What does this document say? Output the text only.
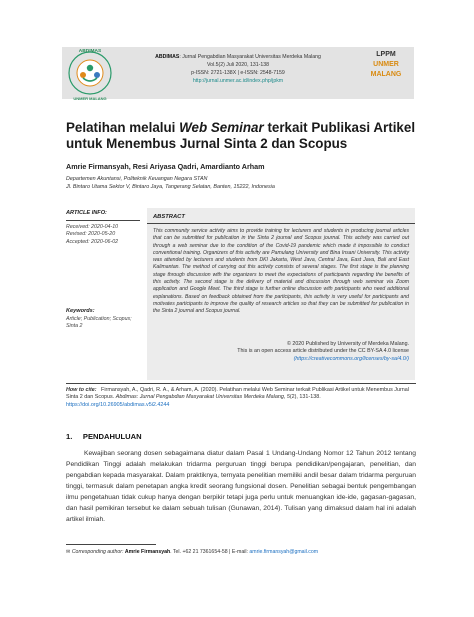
ABDIMAS: Jurnal Pengabdian Masyarakat Universitas Merdeka Malang
Vol.5(2) Juli 2020, 131-138
p-ISSN: 2721-138X | e-ISSN: 2548-7159
http://jurnal.unmer.ac.id/index.php/jpkm
ABDIMAS
UNMER MALANG
LPPM
UNMER
MALANG
Pelatihan melalui Web Seminar terkait Publikasi Artikel untuk Menembus Jurnal Sinta 2 dan Scopus
Amrie Firmansyah, Resi Ariyasa Qadri, Amardianto Arham
Departemen Akuntansi, Politeknik Keuangan Negara STAN
Jl. Bintaro Utama Sektor V, Bintaro Jaya, Tangerang Selatan, Banten, 15222, Indonesia
ARTICLE INFO:
Received: 2020-04-10
Revised: 2020-05-20
Accepted: 2020-06-02
Keywords:
Article; Publication; Scopus; Sinta 2
ABSTRACT
This community service activity aims to provide training for lecturers and students in producing journal articles that can be submitted for publication in the Sinta 2 journal and Scopus journal. This activity was carried out through a web seminar due to the condition of the Covid-19 pandemic which made it impossible to conduct conventional training. Organizers of this activity are Pamulang University and Bina Insani University. This activity was attended by lecturers and students from DKI Jakarta, West Java, Central Java, East Java, Bali and East Kalimantan. The method of carrying out this activity consists of several stages. The first stage is the planning stage through discussion with the organizers to meet the expectations of participants regarding the benefits of this activity. The second stage is the delivery of material and discussion through web seminar via Zoom application and Google Meet. The third stage is further online discussion with participants who need additional explanations. Based on feedback obtained from the participants, this activity is very useful for participants and motivates participants to improve the quality of research articles so that they can be submitted for publication in the Sinta 2 journal and Scopus journal.
© 2020 Published by University of Merdeka Malang.
This is an open access article distributed under the CC BY-SA 4.0 license
(https://creativecommons.org/licenses/by-sa/4.0/)
How to cite: Firmansyah, A., Qadri, R. A., & Arham, A. (2020). Pelatihan melalui Web Seminar terkait Publikasi Artikel untuk Menembus Jurnal Sinta 2 dan Scopus. Abdimas: Jurnal Pengabdian Masyarakat Universitas Merdeka Malang, 5(2), 131-138. https://doi.org/10.26905/abdimas.v5i2.4244
1. PENDAHULUAN
Kewajiban seorang dosen sebagaimana diatur dalam Pasal 1 Undang-Undang Nomor 12 Tahun 2012 tentang Pendidikan Tinggi adalah melakukan tridarma perguruan tinggi berupa pendidikan/pengajaran, penelitian, dan pengabdian kepada masyarakat. Dalam praktiknya, ternyata penelitian memiliki andil besar dalam tridarma perguruan tinggi, termasuk dalam penetapan angka kredit seorang fungsional dosen. Penelitian sebagai bentuk pengembangan ilmu pengetahuan tidak cukup hanya dengan berpikir tetapi juga perlu untuk menuangkan ide-ide, gagasan-gagasan, dan hasil pemikiran tersebut ke dalam sebuah tulisan (Gunawan, 2014). Tulisan yang dimaksud dalam hal ini adalah artikel ilmiah.
✉ Corresponding author: Amrie Firmansyah. Tel. +62 21 7361654-58 | E-mail: amrie.firmansyah@gmail.com
